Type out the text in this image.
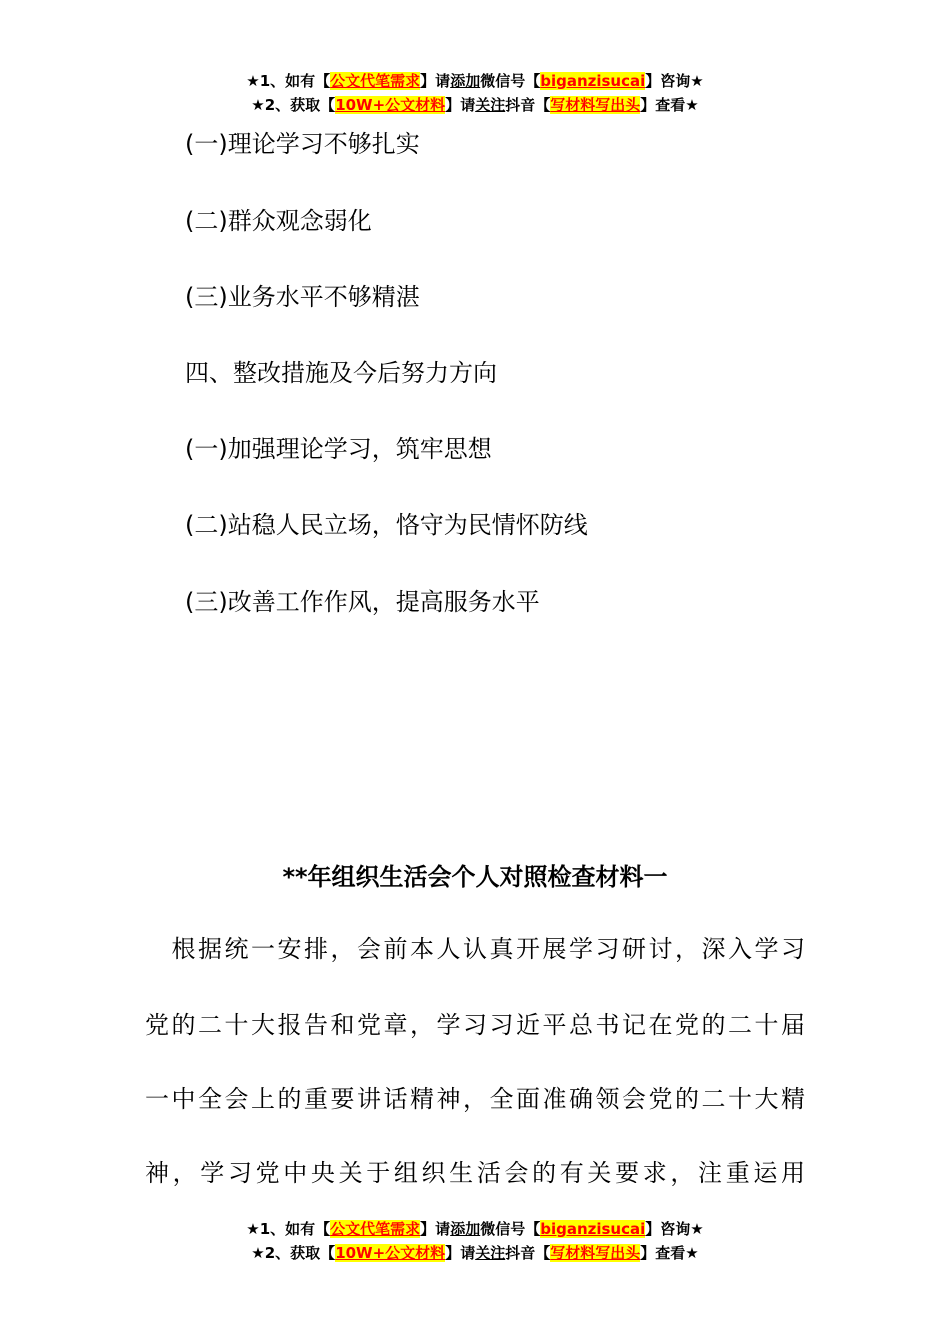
★1、如有【公文代笔需求】请添加微信号【biganzisucai】咨询★
★2、获取【10W+公文材料】请关注抖音【写材料写出头】查看★
(一)理论学习不够扎实
(二)群众观念弱化
(三)业务水平不够精湛
四、整改措施及今后努力方向
(一)加强理论学习，筑牢思想
(二)站稳人民立场，恪守为民情怀防线
(三)改善工作作风，提高服务水平
**年组织生活会个人对照检查材料一
　根据统一安排，会前本人认真开展学习研讨，深入学习
党的二十大报告和党章，学习习近平总书记在党的二十届
一中全会上的重要讲话精神，全面准确领会党的二十大精
神，学习党中央关于组织生活会的有关要求，注重运用
★1、如有【公文代笔需求】请添加微信号【biganzisucai】咨询★
★2、获取【10W+公文材料】请关注抖音【写材料写出头】查看★
